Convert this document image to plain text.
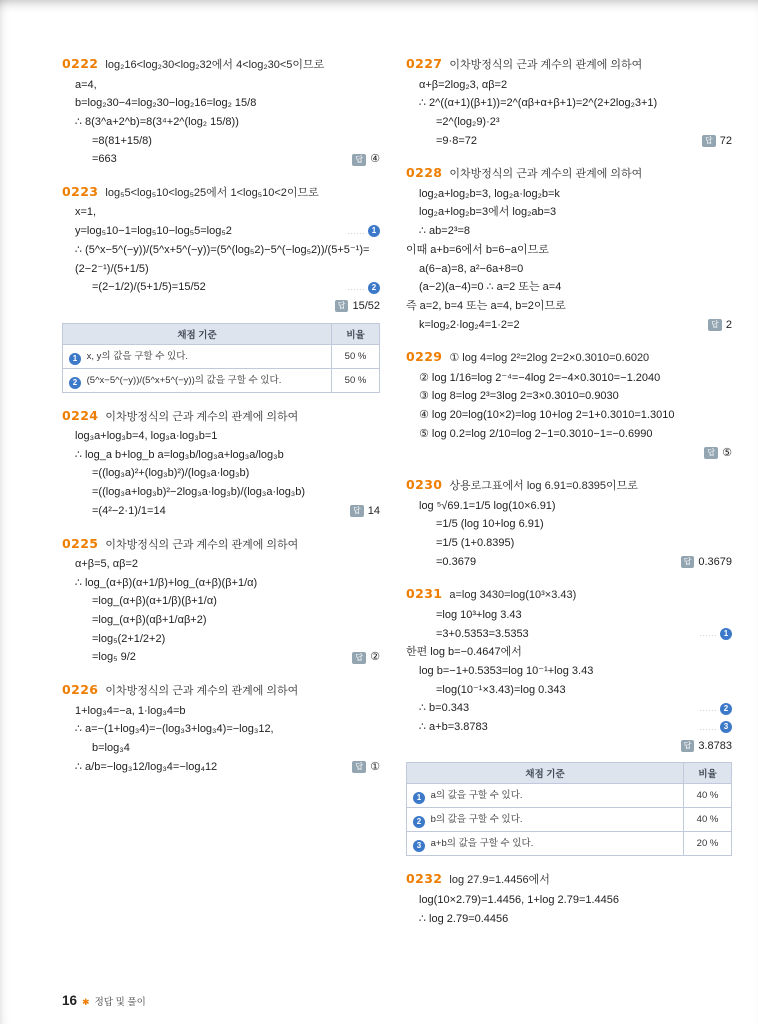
0222 log₂16<log₂30<log₂32에서 4<log₂30<5이므로
a=4,
b=log₂30−4=log₂30−log₂16=log₂ 15/8
∴ 8(3^a+2^b)=8(3⁴+2^(log₂ 15/8))
=8(81+15/8)
=663	답 ④
0223 log₅5<log₅10<log₅25에서 1<log₅10<2이므로
x=1,
y=log₅10−1=log₅10−log₅5=log₅2	…… 1
∴ (5^x−5^(−y))/(5^x+5^(−y))=(5^(log₅2)−5^(−log₅2))/(5+5⁻¹)=(2−2⁻¹)/(5+1/5)
=(2−1/2)/(5+1/5)=15/52	…… 2
답 15/52
채점 기준	비율
1 x, y의 값을 구할 수 있다.	50 %
2 (5^x−5^(−y))/(5^x+5^(−y))의 값을 구할 수 있다.	50 %
0224 이차방정식의 근과 계수의 관계에 의하여
log₃a+log₃b=4, log₃a·log₃b=1
∴ log_a b+log_b a=log₃b/log₃a+log₃a/log₃b
=((log₃a)²+(log₃b)²)/(log₃a·log₃b)
=((log₃a+log₃b)²−2log₃a·log₃b)/(log₃a·log₃b)
=(4²−2·1)/1=14	답 14
0225 이차방정식의 근과 계수의 관계에 의하여
α+β=5, αβ=2
∴ log_(α+β)(α+1/β)+log_(α+β)(β+1/α)
=log_(α+β)(α+1/β)(β+1/α)
=log_(α+β)(αβ+1/αβ+2)
=log₅(2+1/2+2)
=log₅ 9/2	답 ②
0226 이차방정식의 근과 계수의 관계에 의하여
1+log₃4=−a, 1·log₃4=b
∴ a=−(1+log₃4)=−(log₃3+log₃4)=−log₃12,
b=log₃4
∴ a/b=−log₃12/log₃4=−log₄12	답 ①
0227 이차방정식의 근과 계수의 관계에 의하여
α+β=2log₂3, αβ=2
∴ 2^((α+1)(β+1))=2^(αβ+α+β+1)=2^(2+2log₂3+1)
=2^(log₂9)·2³
=9·8=72	답 72
0228 이차방정식의 근과 계수의 관계에 의하여
log₂a+log₂b=3, log₂a·log₂b=k
log₂a+log₂b=3에서 log₂ab=3
∴ ab=2³=8
이때 a+b=6에서 b=6−a이므로
a(6−a)=8, a²−6a+8=0
(a−2)(a−4)=0 ∴ a=2 또는 a=4
즉 a=2, b=4 또는 a=4, b=2이므로
k=log₂2·log₂4=1·2=2	답 2
0229 ① log 4=log 2²=2log 2=2×0.3010=0.6020
② log 1/16=log 2⁻⁴=−4log 2=−4×0.3010=−1.2040
③ log 8=log 2³=3log 2=3×0.3010=0.9030
④ log 20=log(10×2)=log 10+log 2=1+0.3010=1.3010
⑤ log 0.2=log 2/10=log 2−1=0.3010−1=−0.6990
답 ⑤
0230 상용로그표에서 log 6.91=0.8395이므로
log ⁵√69.1=1/5 log(10×6.91)
=1/5 (log 10+log 6.91)
=1/5 (1+0.8395)
=0.3679	답 0.3679
0231 a=log 3430=log(10³×3.43)
=log 10³+log 3.43
=3+0.5353=3.5353	…… 1
한편 log b=−0.4647에서
log b=−1+0.5353=log 10⁻¹+log 3.43
=log(10⁻¹×3.43)=log 0.343
∴ b=0.343	…… 2
∴ a+b=3.8783	…… 3
답 3.8783
채점 기준	비율
1 a의 값을 구할 수 있다.	40 %
2 b의 값을 구할 수 있다.	40 %
3 a+b의 값을 구할 수 있다.	20 %
0232 log 27.9=1.4456에서
log(10×2.79)=1.4456, 1+log 2.79=1.4456
∴ log 2.79=0.4456
16 ✱ 정답 및 풀이
